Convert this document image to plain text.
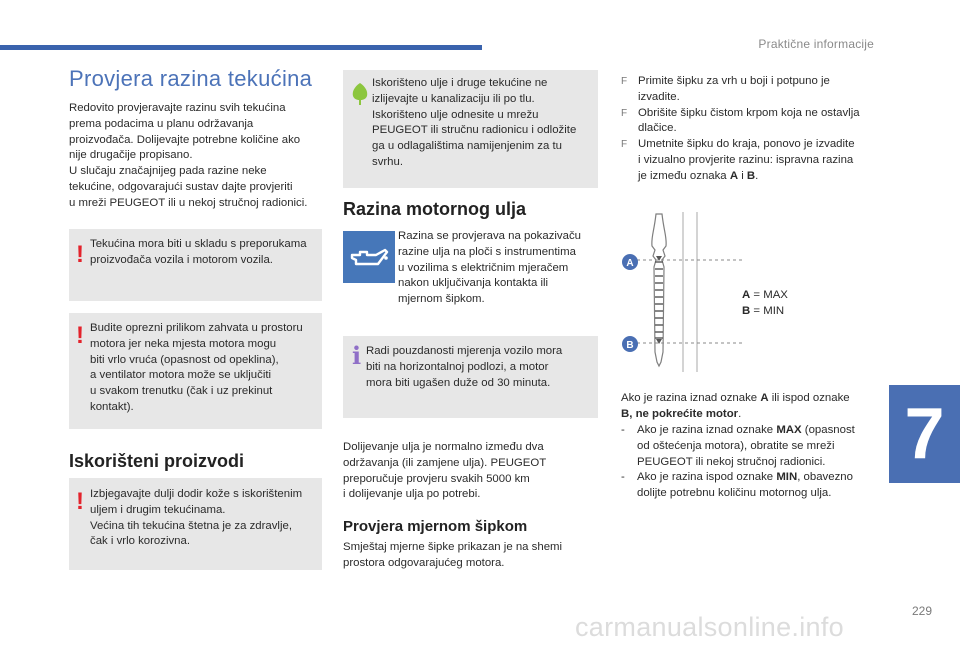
Praktične informacije
Provjera razina tekućina

Redovito provjeravajte razinu svih tekućina
prema podacima u planu održavanja
proizvođača. Dolijevajte potrebne količine ako
nije drugačije propisano.
U slučaju značajnijeg pada razine neke
tekućine, odgovarajući sustav dajte provjeriti
u mreži PEUGEOT ili u nekoj stručnoj radionici.

! Tekućina mora biti u skladu s preporukama
proizvođača vozila i motorom vozila.
! Budite oprezni prilikom zahvata u prostoru
motora jer neka mjesta motora mogu
biti vrlo vruća (opasnost od opeklina),
a ventilator motora može se uključiti
u svakom trenutku (čak i uz prekinut
kontakt).
Iskorišteni proizvodi
! Izbjegavajte dulji dodir kože s iskorištenim
uljem i drugim tekućinama.
Većina tih tekućina štetna je za zdravlje,
čak i vrlo korozivna.
Iskorišteno ulje i druge tekućine ne
izlijevajte u kanalizaciju ili po tlu.
Iskorišteno ulje odnesite u mrežu
PEUGEOT ili stručnu radionicu i odložite
ga u odlagalištima namijenjenim za tu
svrhu.
Razina motornog ulja

Razina se provjerava na pokazivaču
razine ulja na ploči s instrumentima
u vozilima s električnim mjeračem
nakon uključivanja kontakta ili
mjernom šipkom.

i Radi pouzdanosti mjerenja vozilo mora
biti na horizontalnoj podlozi, a motor
mora biti ugašen duže od 30 minuta.

Dolijevanje ulja je normalno između dva
održavanja (ili zamjene ulja). PEUGEOT
preporučuje provjeru svakih 5000 km
i dolijevanje ulja po potrebi.

Provjera mjernom šipkom

Smještaj mjerne šipke prikazan je na shemi
prostora odgovarajućeg motora.

F Primite šipku za vrh u boji i potpuno je
izvadite.
F Obrišite šipku čistom krpom koja ne ostavlja
dlačice.
F Umetnite šipku do kraja, ponovo je izvadite
i vizualno provjerite razinu: ispravna razina
je između oznaka A i B.
A
B
A = MAX
B = MIN

Ako je razina iznad oznake A ili ispod oznake
B, ne pokrećite motor.

- Ako je razina iznad oznake MAX (opasnost
od oštećenja motora), obratite se mreži
PEUGEOT ili nekoj stručnoj radionici.
- Ako je razina ispod oznake MIN, obavezno
dolijte potrebnu količinu motornog ulja.
7
229
carmanualsonline.info
